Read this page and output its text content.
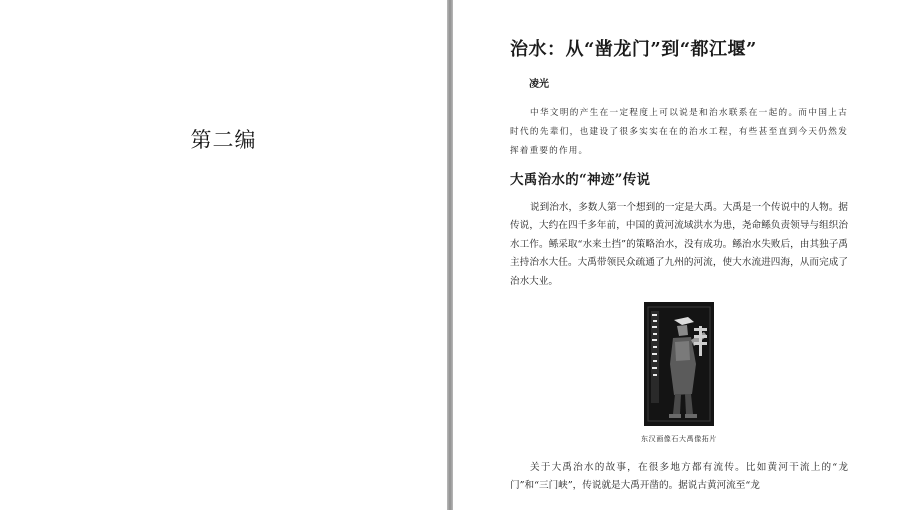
第二编
治水：从“凿龙门”到“都江堰”
凌光

中华文明的产生在一定程度上可以说是和治水联系在一起的。而中国上古时代的先辈们，也建设了很多实实在在的治水工程，有些甚至直到今天仍然发挥着重要的作用。

大禹治水的“神迹”传说

说到治水，多数人第一个想到的一定是大禹。大禹是一个传说中的人物。据传说，大约在四千多年前，中国的黄河流域洪水为患，尧命鲧负责领导与组织治水工作。鲧采取“水来土挡”的策略治水，没有成功。鲧治水失败后，由其独子禹主持治水大任。大禹带领民众疏通了九州的河流，使大水流进四海，从而完成了治水大业。

东汉画像石大禹像拓片

关于大禹治水的故事，在很多地方都有流传。比如黄河干流上的“龙门”和“三门峡”，传说就是大禹开凿的。据说古黄河流至“龙
